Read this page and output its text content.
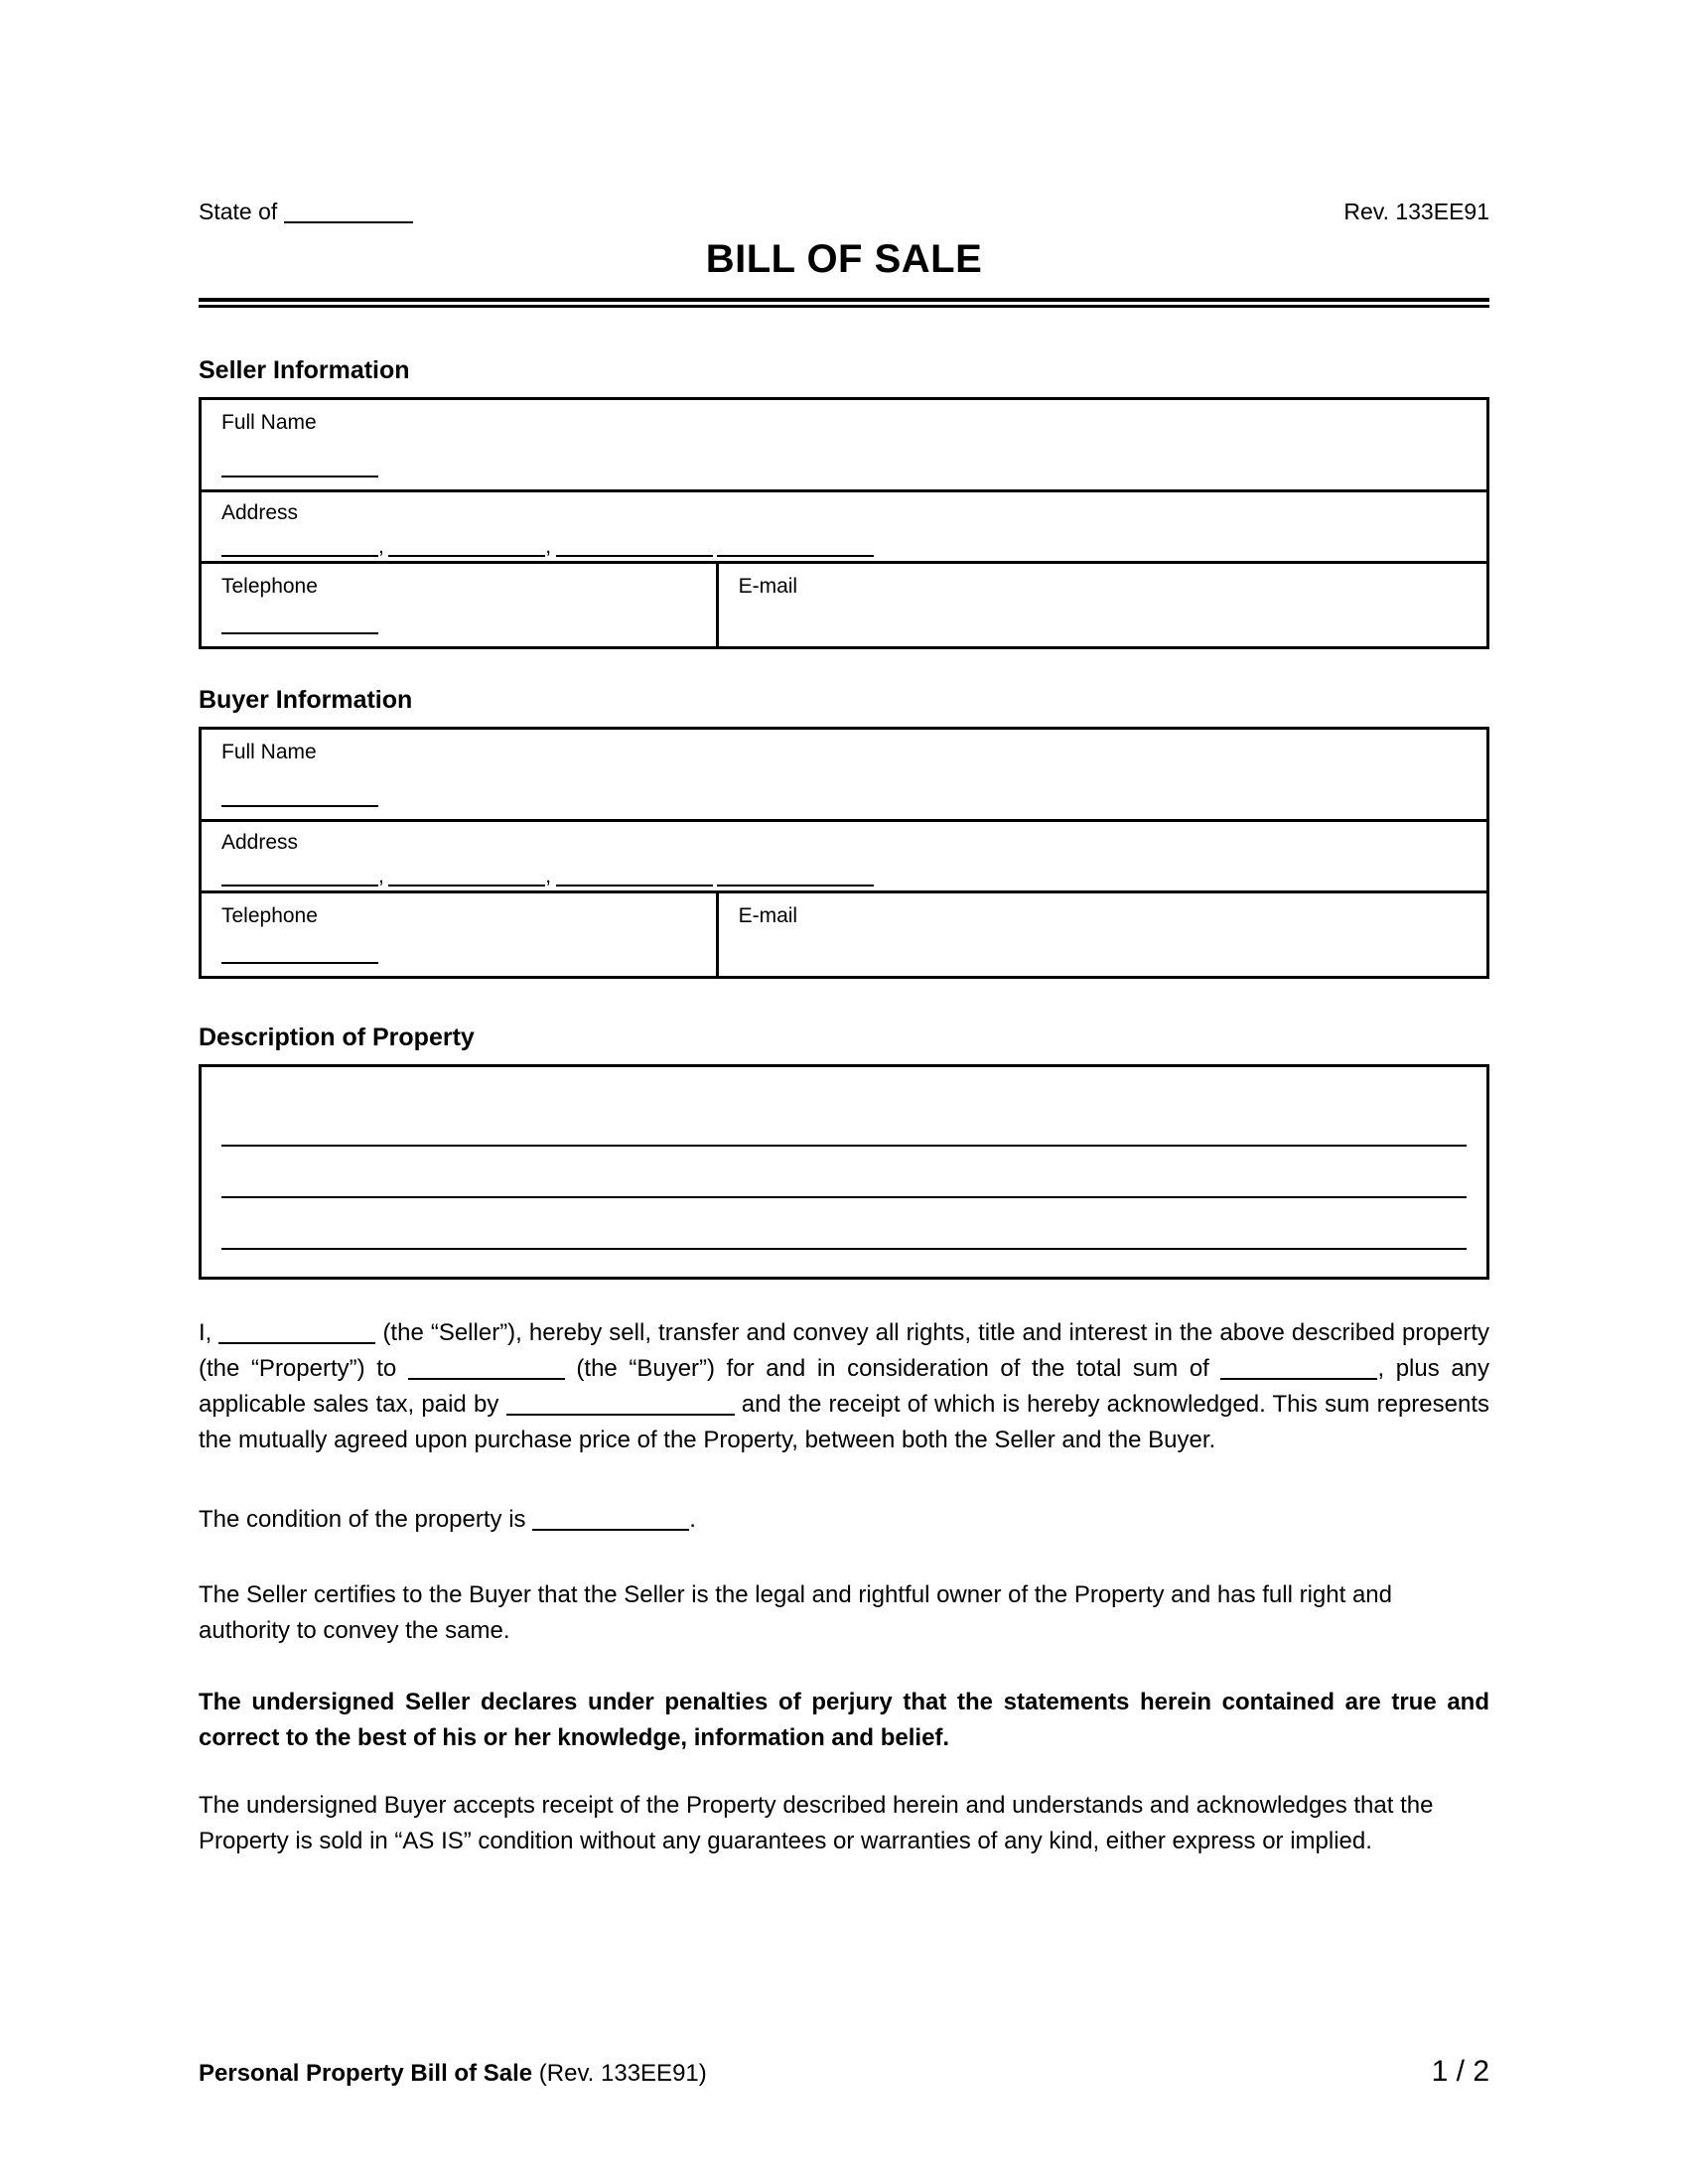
State of	Rev. 133EE91
BILL OF SALE
Seller Information
Full Name
Address
,	,
Telephone	E-mail
Buyer Information
Full Name
Address
,	,
Telephone	E-mail
Description of Property

I,	(the “Seller”), hereby sell, transfer and convey all rights, title and interest in the above described property (the “Property”) to	(the “Buyer”) for and in consideration of the total sum of	, plus any applicable sales tax, paid by	and the receipt of which is hereby acknowledged. This sum represents the mutually agreed upon purchase price of the Property, between both the Seller and the Buyer.

The condition of the property is	.

The Seller certifies to the Buyer that the Seller is the legal and rightful owner of the Property and has full right and authority to convey the same.

The undersigned Seller declares under penalties of perjury that the statements herein contained are true and correct to the best of his or her knowledge, information and belief.

The undersigned Buyer accepts receipt of the Property described herein and understands and acknowledges that the Property is sold in “AS IS” condition without any guarantees or warranties of any kind, either express or implied.

Personal Property Bill of Sale (Rev. 133EE91)	1 / 2
